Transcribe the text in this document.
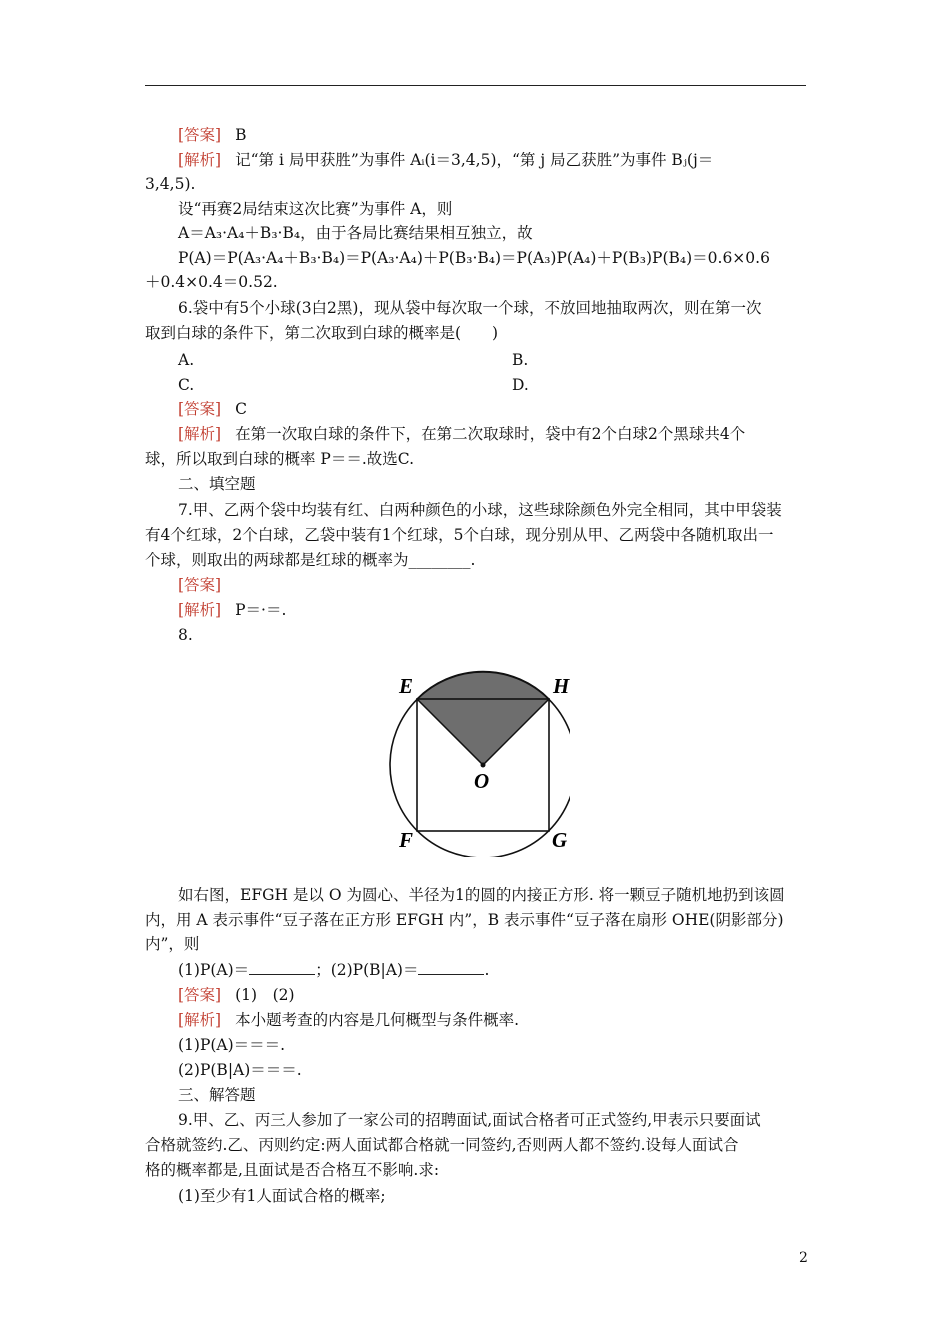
[答案] B
[解析] 记“第 i 局甲获胜”为事件 Aᵢ(i＝3,4,5)，“第 j 局乙获胜”为事件 Bⱼ(j＝
3,4,5).
设“再赛2局结束这次比赛”为事件 A，则
A＝A₃·A₄＋B₃·B₄，由于各局比赛结果相互独立，故
P(A)＝P(A₃·A₄＋B₃·B₄)＝P(A₃·A₄)＋P(B₃·B₄)＝P(A₃)P(A₄)＋P(B₃)P(B₄)＝0.6×0.6
＋0.4×0.4＝0.52.
6.袋中有5个小球(3白2黑)，现从袋中每次取一个球，不放回地抽取两次，则在第一次
取到白球的条件下，第二次取到白球的概率是(　　)
A.	B.
C.	D.
[答案] C
[解析] 在第一次取白球的条件下，在第二次取球时，袋中有2个白球2个黑球共4个
球，所以取到白球的概率 P＝＝.故选C.
二、填空题
7.甲、乙两个袋中均装有红、白两种颜色的小球，这些球除颜色外完全相同，其中甲袋装
有4个红球，2个白球，乙袋中装有1个红球，5个白球，现分别从甲、乙两袋中各随机取出一
个球，则取出的两球都是红球的概率为________.
[答案]
[解析] P＝·＝.
8.
E	H
O
F	G
如右图，EFGH 是以 O 为圆心、半径为1的圆的内接正方形. 将一颗豆子随机地扔到该圆
内，用 A 表示事件“豆子落在正方形 EFGH 内”，B 表示事件“豆子落在扇形 OHE(阴影部分)
内”，则
(1)P(A)＝	；(2)P(B|A)＝	.
[答案] (1)　(2)
[解析] 本小题考查的内容是几何概型与条件概率.
(1)P(A)＝＝＝.
(2)P(B|A)＝＝＝.
三、解答题
9.甲、乙、丙三人参加了一家公司的招聘面试,面试合格者可正式签约,甲表示只要面试
合格就签约.乙、丙则约定:两人面试都合格就一同签约,否则两人都不签约.设每人面试合
格的概率都是,且面试是否合格互不影响.求:
(1)至少有1人面试合格的概率;
2
